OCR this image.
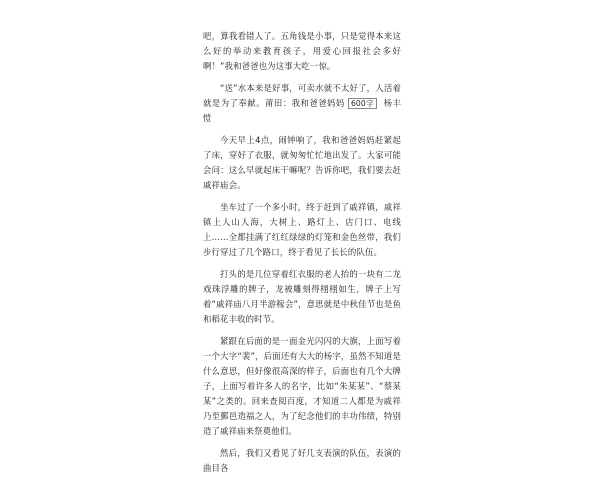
吧，算我看错人了。五角钱是小事，只是觉得本来这么好的举动来教育孩子，用爱心回报社会多好啊！”我和爸爸也为这事大吃一惊。

“送”水本来是好事，可卖水就不太好了，人活着就是为了奉献。莆田：我和爸爸妈妈 600字 杨丰愷

今天早上4点，闹钟响了，我和爸爸妈妈赶紧起了床，穿好了衣服，就匆匆忙忙地出发了。大家可能会问：这么早就起床干嘛呢？告诉你吧，我们要去赶戚祥庙会。

坐车过了一个多小时，终于赶到了戚祥镇，戚祥镇上人山人海，大树上、路灯上、店门口、电线上……全都挂满了红红绿绿的灯笼和金色丝带，我们步行穿过了几个路口，终于看见了长长的队伍。

打头的是几位穿着红衣服的老人抬的一块有二龙戏珠浮雕的牌子，龙被雕刻得栩栩如生，牌子上写着“戚祥庙八月半游稼会”，意思就是中秋佳节也是鱼和稻花丰收的时节。

紧跟在后面的是一面金光闪闪的大旗，上面写着一个大字“裴”，后面还有大大的杨字，虽然不知道是什么意思，但好像很高深的样子，后面也有几个大牌子，上面写着许多人的名字，比如“朱某某”、“蔡某某”之类的。回来查阅百度，才知道二人都是为戚祥乃至鄞邑造福之人，为了纪念他们的丰功伟绩，特别造了戚祥庙来祭奠他们。

然后，我们又看见了好几支表演的队伍，表演的曲目各
